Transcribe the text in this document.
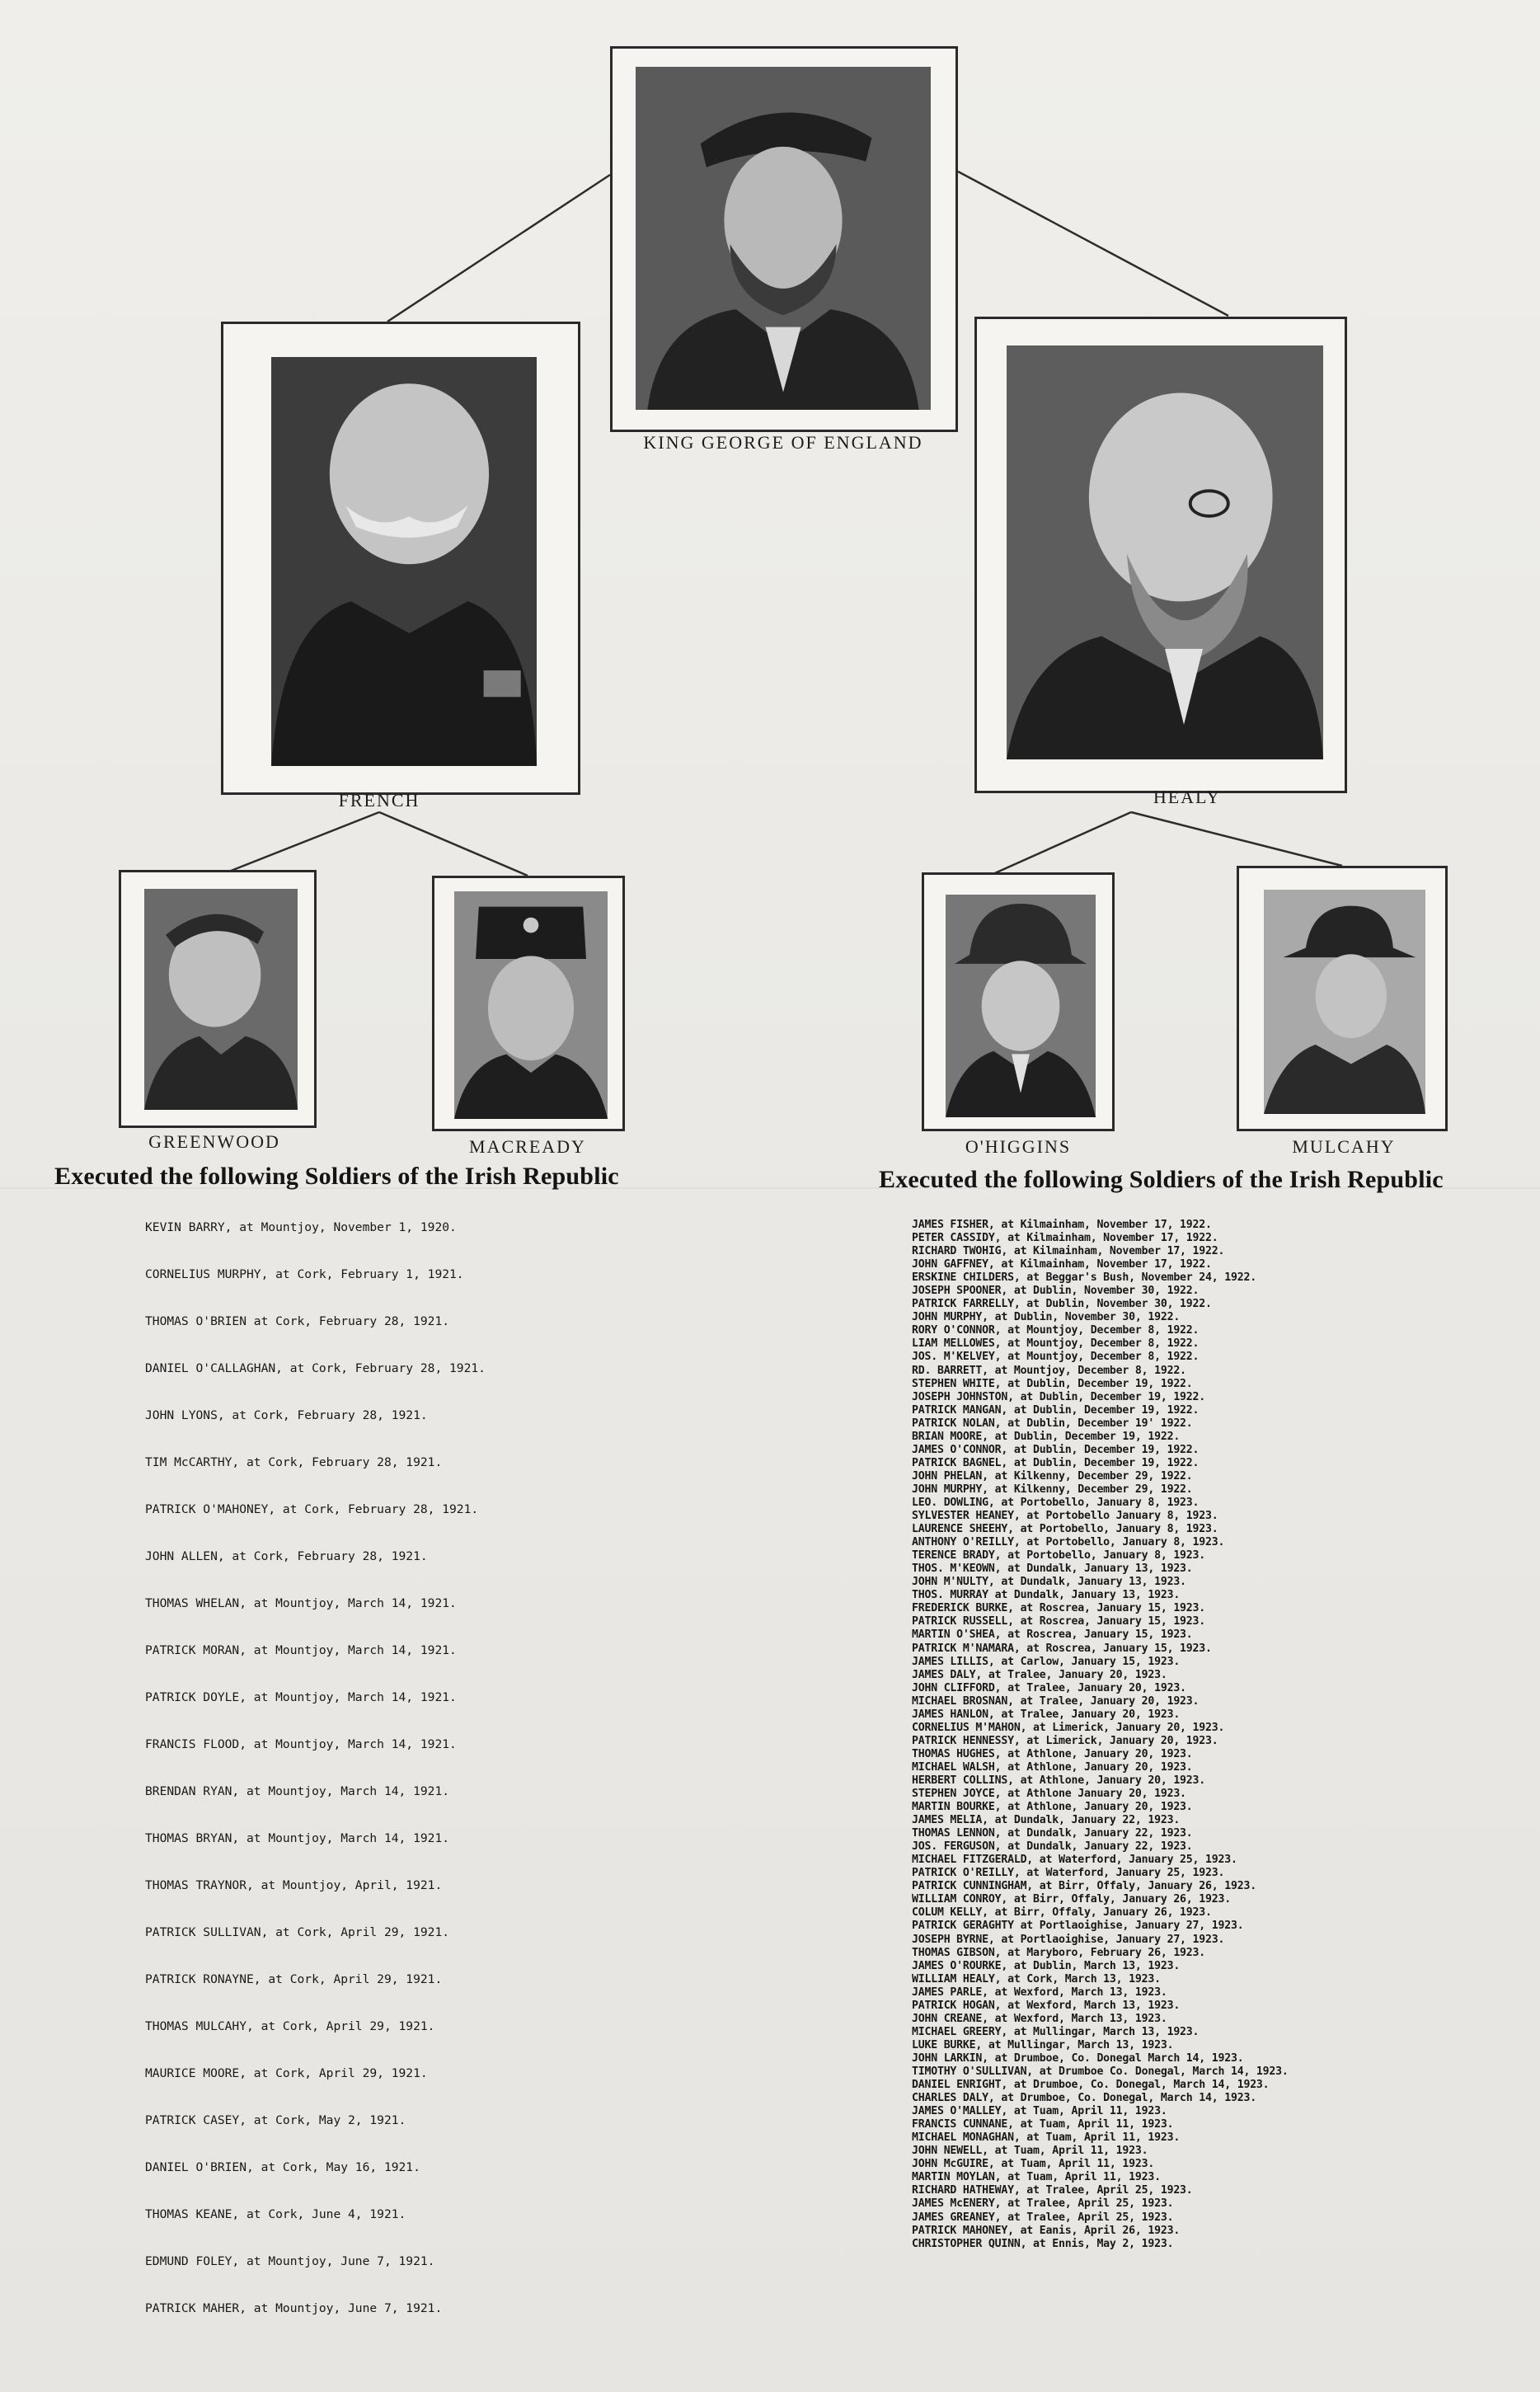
KING GEORGE OF ENGLAND
FRENCH	HEALY
GREENWOOD	MACREADY	O'HIGGINS	MULCAHY
Executed the following Soldiers of the Irish Republic	Executed the following Soldiers of the Irish Republic
KEVIN BARRY, at Mountjoy, November 1, 1920.
CORNELIUS MURPHY, at Cork, February 1, 1921.
THOMAS O'BRIEN at Cork, February 28, 1921.
DANIEL O'CALLAGHAN, at Cork, February 28, 1921.
JOHN LYONS, at Cork, February 28, 1921.
TIM McCARTHY, at Cork, February 28, 1921.
PATRICK O'MAHONEY, at Cork, February 28, 1921.
JOHN ALLEN, at Cork, February 28, 1921.
THOMAS WHELAN, at Mountjoy, March 14, 1921.
PATRICK MORAN, at Mountjoy, March 14, 1921.
PATRICK DOYLE, at Mountjoy, March 14, 1921.
FRANCIS FLOOD, at Mountjoy, March 14, 1921.
BRENDAN RYAN, at Mountjoy, March 14, 1921.
THOMAS BRYAN, at Mountjoy, March 14, 1921.
THOMAS TRAYNOR, at Mountjoy, April, 1921.
PATRICK SULLIVAN, at Cork, April 29, 1921.
PATRICK RONAYNE, at Cork, April 29, 1921.
THOMAS MULCAHY, at Cork, April 29, 1921.
MAURICE MOORE, at Cork, April 29, 1921.
PATRICK CASEY, at Cork, May 2, 1921.
DANIEL O'BRIEN, at Cork, May 16, 1921.
THOMAS KEANE, at Cork, June 4, 1921.
EDMUND FOLEY, at Mountjoy, June 7, 1921.
PATRICK MAHER, at Mountjoy, June 7, 1921.
JAMES FISHER, at Kilmainham, November 17, 1922.
PETER CASSIDY, at Kilmainham, November 17, 1922.
RICHARD TWOHIG, at Kilmainham, November 17, 1922.
JOHN GAFFNEY, at Kilmainham, November 17, 1922.
ERSKINE CHILDERS, at Beggar's Bush, November 24, 1922.
JOSEPH SPOONER, at Dublin, November 30, 1922.
PATRICK FARRELLY, at Dublin, November 30, 1922.
JOHN MURPHY, at Dublin, November 30, 1922.
RORY O'CONNOR, at Mountjoy, December 8, 1922.
LIAM MELLOWES, at Mountjoy, December 8, 1922.
JOS. M'KELVEY, at Mountjoy, December 8, 1922.
RD. BARRETT, at Mountjoy, December 8, 1922.
STEPHEN WHITE, at Dublin, December 19, 1922.
JOSEPH JOHNSTON, at Dublin, December 19, 1922.
PATRICK MANGAN, at Dublin, December 19, 1922.
PATRICK NOLAN, at Dublin, December 19' 1922.
BRIAN MOORE, at Dublin, December 19, 1922.
JAMES O'CONNOR, at Dublin, December 19, 1922.
PATRICK BAGNEL, at Dublin, December 19, 1922.
JOHN PHELAN, at Kilkenny, December 29, 1922.
JOHN MURPHY, at Kilkenny, December 29, 1922.
LEO. DOWLING, at Portobello, January 8, 1923.
SYLVESTER HEANEY, at Portobello January 8, 1923.
LAURENCE SHEEHY, at Portobello, January 8, 1923.
ANTHONY O'REILLY, at Portobello, January 8, 1923.
TERENCE BRADY, at Portobello, January 8, 1923.
THOS. M'KEOWN, at Dundalk, January 13, 1923.
JOHN M'NULTY, at Dundalk, January 13, 1923.
THOS. MURRAY at Dundalk, January 13, 1923.
FREDERICK BURKE, at Roscrea, January 15, 1923.
PATRICK RUSSELL, at Roscrea, January 15, 1923.
MARTIN O'SHEA, at Roscrea, January 15, 1923.
PATRICK M'NAMARA, at Roscrea, January 15, 1923.
JAMES LILLIS, at Carlow, January 15, 1923.
JAMES DALY, at Tralee, January 20, 1923.
JOHN CLIFFORD, at Tralee, January 20, 1923.
MICHAEL BROSNAN, at Tralee, January 20, 1923.
JAMES HANLON, at Tralee, January 20, 1923.
CORNELIUS M'MAHON, at Limerick, January 20, 1923.
PATRICK HENNESSY, at Limerick, January 20, 1923.
THOMAS HUGHES, at Athlone, January 20, 1923.
MICHAEL WALSH, at Athlone, January 20, 1923.
HERBERT COLLINS, at Athlone, January 20, 1923.
STEPHEN JOYCE, at Athlone January 20, 1923.
MARTIN BOURKE, at Athlone, January 20, 1923.
JAMES MELIA, at Dundalk, January 22, 1923.
THOMAS LENNON, at Dundalk, January 22, 1923.
JOS. FERGUSON, at Dundalk, January 22, 1923.
MICHAEL FITZGERALD, at Waterford, January 25, 1923.
PATRICK O'REILLY, at Waterford, January 25, 1923.
PATRICK CUNNINGHAM, at Birr, Offaly, January 26, 1923.
WILLIAM CONROY, at Birr, Offaly, January 26, 1923.
COLUM KELLY, at Birr, Offaly, January 26, 1923.
PATRICK GERAGHTY at Portlaoighise, January 27, 1923.
JOSEPH BYRNE, at Portlaoighise, January 27, 1923.
THOMAS GIBSON, at Maryboro, February 26, 1923.
JAMES O'ROURKE, at Dublin, March 13, 1923.
WILLIAM HEALY, at Cork, March 13, 1923.
JAMES PARLE, at Wexford, March 13, 1923.
PATRICK HOGAN, at Wexford, March 13, 1923.
JOHN CREANE, at Wexford, March 13, 1923.
MICHAEL GREERY, at Mullingar, March 13, 1923.
LUKE BURKE, at Mullingar, March 13, 1923.
JOHN LARKIN, at Drumboe, Co. Donegal March 14, 1923.
TIMOTHY O'SULLIVAN, at Drumboe Co. Donegal, March 14, 1923.
DANIEL ENRIGHT, at Drumboe, Co. Donegal, March 14, 1923.
CHARLES DALY, at Drumboe, Co. Donegal, March 14, 1923.
JAMES O'MALLEY, at Tuam, April 11, 1923.
FRANCIS CUNNANE, at Tuam, April 11, 1923.
MICHAEL MONAGHAN, at Tuam, April 11, 1923.
JOHN NEWELL, at Tuam, April 11, 1923.
JOHN McGUIRE, at Tuam, April 11, 1923.
MARTIN MOYLAN, at Tuam, April 11, 1923.
RICHARD HATHEWAY, at Tralee, April 25, 1923.
JAMES McENERY, at Tralee, April 25, 1923.
JAMES GREANEY, at Tralee, April 25, 1923.
PATRICK MAHONEY, at Eanis, April 26, 1923.
CHRISTOPHER QUINN, at Ennis, May 2, 1923.
